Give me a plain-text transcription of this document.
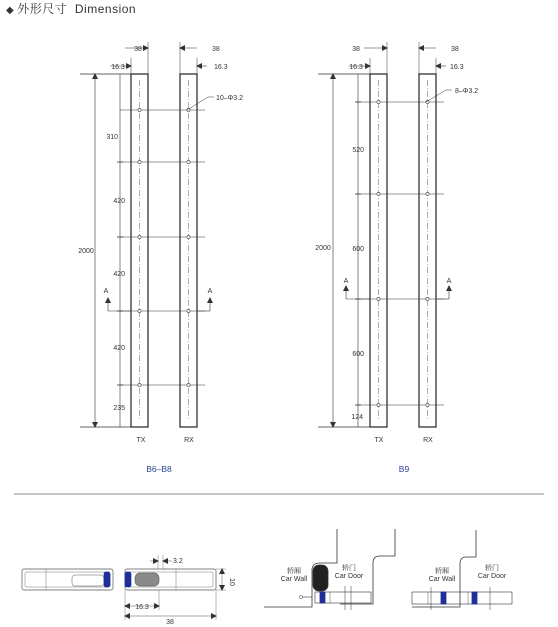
◆ 外形尺寸 Dimension
38	38
16.3	16.3
10–Φ3.2
2000
310
420
420
420
235
A	A
TX	RX
B6–B8
38	38
16.3	16.3
8–Φ3.2
2000
520
600
600
124
A	A
TX	RX
B9
3.2
16.3
38
10
轿厢
Car Wall
轿门
Car Door
轿厢
Car Wall
轿门
Car Door
